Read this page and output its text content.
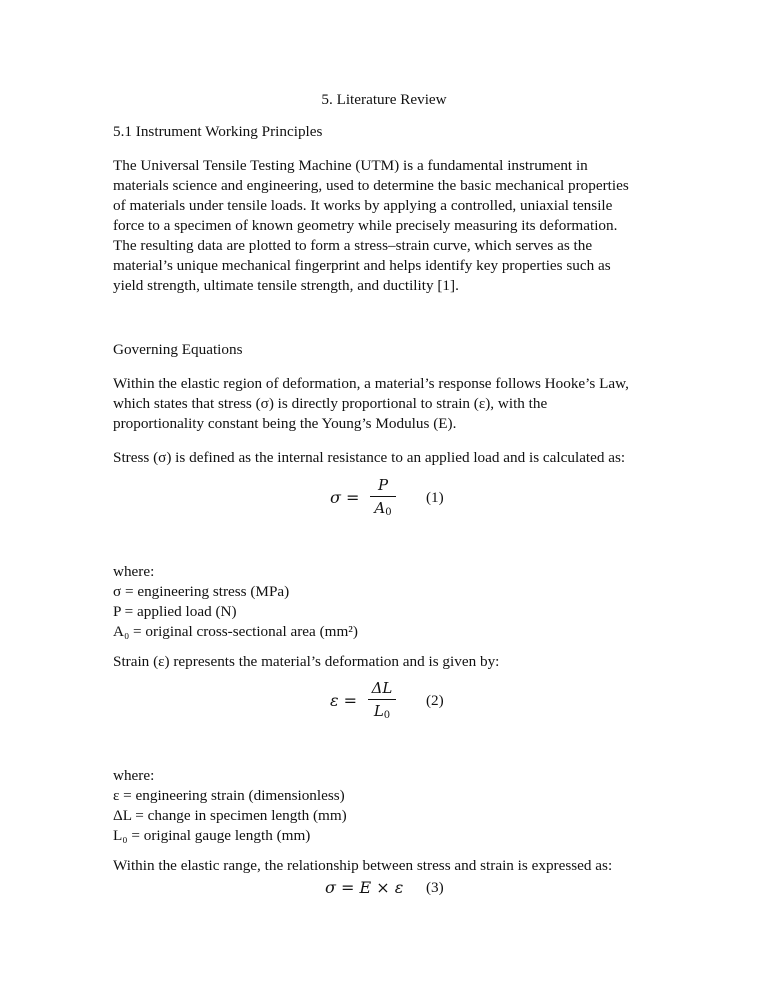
5. Literature Review

5.1 Instrument Working Principles

The Universal Tensile Testing Machine (UTM) is a fundamental instrument in
materials science and engineering, used to determine the basic mechanical properties
of materials under tensile loads. It works by applying a controlled, uniaxial tensile
force to a specimen of known geometry while precisely measuring its deformation.
The resulting data are plotted to form a stress–strain curve, which serves as the
material’s unique mechanical fingerprint and helps identify key properties such as
yield strength, ultimate tensile strength, and ductility [1].

Governing Equations

Within the elastic region of deformation, a material’s response follows Hooke’s Law,
which states that stress (σ) is directly proportional to strain (ε), with the
proportionality constant being the Young’s Modulus (E).

Stress (σ) is defined as the internal resistance to an applied load and is calculated as:

σ =
P
$A_0$
(1)
where:
σ = engineering stress (MPa)
P = applied load (N)
A₀ = original cross-sectional area (mm²)

Strain (ε) represents the material’s deformation and is given by:

ε =
ΔL
$L_0$
(2)
where:
ε = engineering strain (dimensionless)
ΔL = change in specimen length (mm)
L₀ = original gauge length (mm)

Within the elastic range, the relationship between stress and strain is expressed as:

σ = E × ε (3)
